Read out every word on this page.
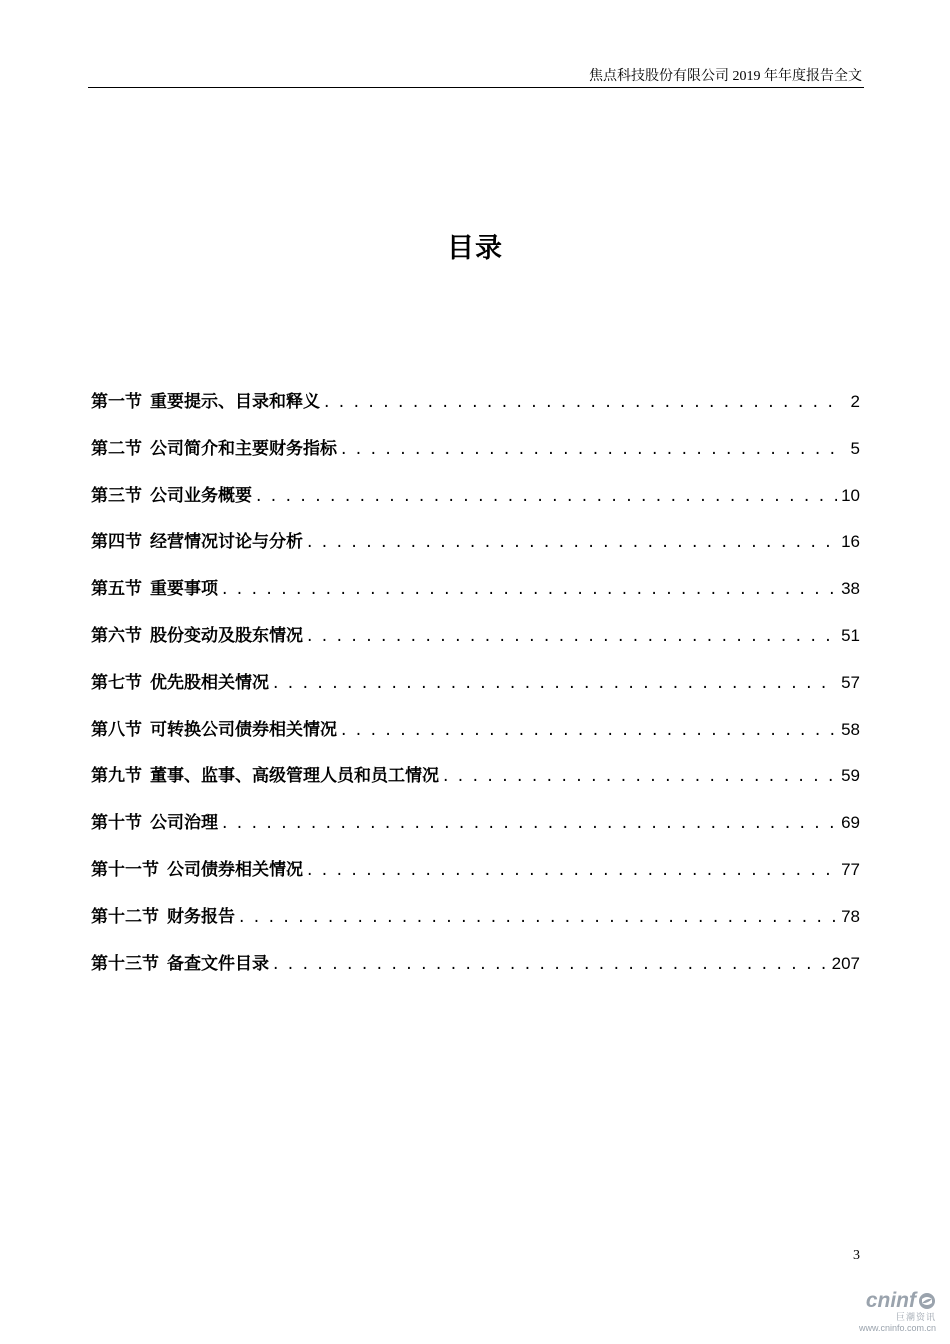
焦点科技股份有限公司 2019 年年度报告全文
目录
第一节 重要提示、目录和释义 . . .	2
第二节 公司简介和主要财务指标 . . .	5
第三节 公司业务概要 . . .	10
第四节 经营情况讨论与分析 . . .	16
第五节 重要事项 . . .	38
第六节 股份变动及股东情况 . . .	51
第七节 优先股相关情况 . . .	57
第八节 可转换公司债券相关情况 . . .	58
第九节 董事、监事、高级管理人员和员工情况 . . .	59
第十节 公司治理 . . .	69
第十一节 公司债券相关情况 . . .	77
第十二节 财务报告 . . .	78
第十三节 备查文件目录 . . .	207
3
cninf
巨潮资讯
www.cninfo.com.cn
